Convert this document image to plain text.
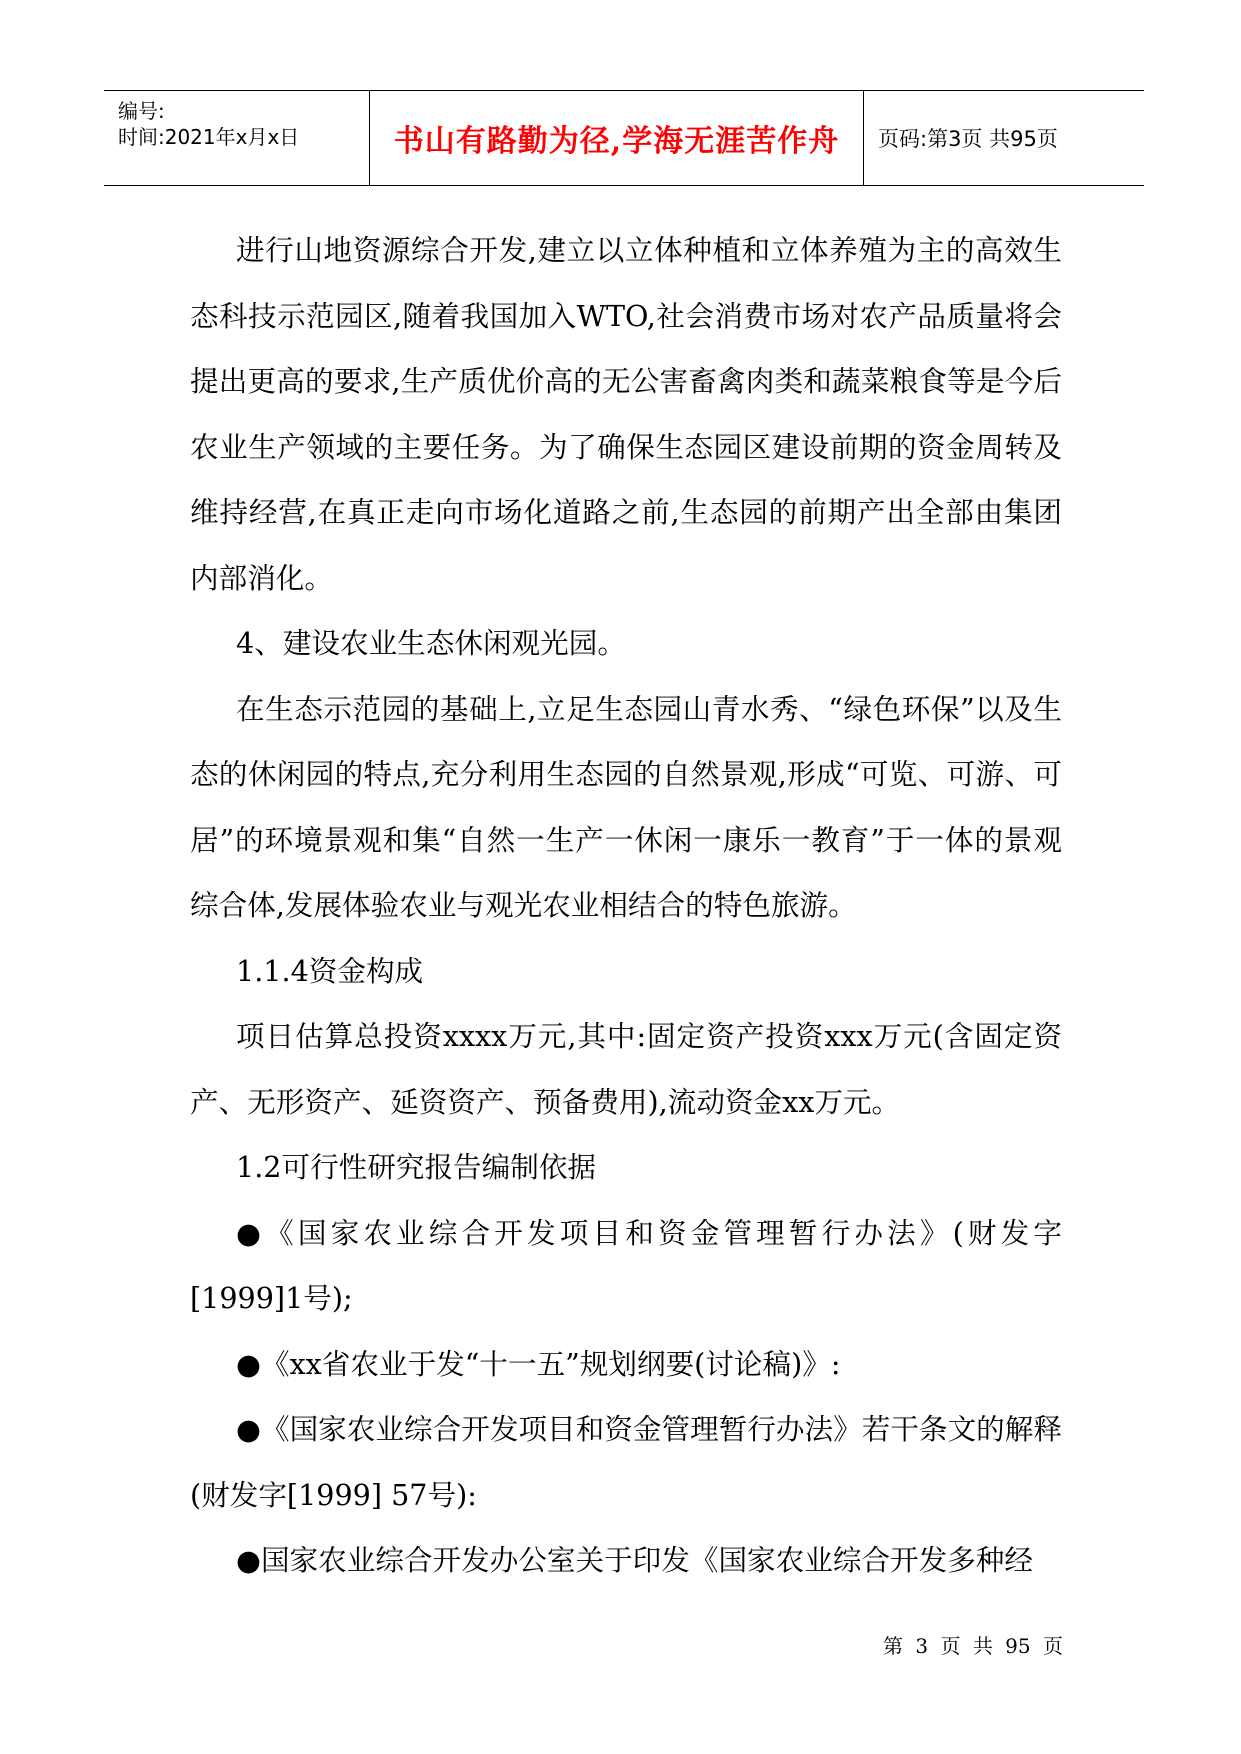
编号:
时间:2021年x月x日	书山有路勤为径,学海无涯苦作舟 页码:第3页 共95页

进行山地资源综合开发,建立以立体种植和立体养殖为主的高效生态科技示范园区,随着我国加入WTO,社会消费市场对农产品质量将会提出更高的要求,生产质优价高的无公害畜禽肉类和蔬菜粮食等是今后农业生产领域的主要任务。为了确保生态园区建设前期的资金周转及维持经营,在真正走向市场化道路之前,生态园的前期产出全部由集团内部消化。

4、建设农业生态休闲观光园。

在生态示范园的基础上,立足生态园山青水秀、“绿色环保”以及生态的休闲园的特点,充分利用生态园的自然景观,形成“可览、可游、可居”的环境景观和集“自然一生产一休闲一康乐一教育”于一体的景观综合体,发展体验农业与观光农业相结合的特色旅游。

1.1.4资金构成

项日估算总投资xxxx万元,其中:固定资产投资xxx万元(含固定资产、无形资产、延资资产、预备费用),流动资金xx万元。

1.2可行性研究报告编制依据

●《国家农业综合开发项目和资金管理暂行办法》(财发字[1999]1号);

●《xx省农业于发“十一五”规划纲要(讨论稿)》:

●《国家农业综合开发项目和资金管理暂行办法》若干条文的解释(财发字[1999] 57号):

●国家农业综合开发办公室关于印发《国家农业综合开发多种经

第 3 页 共 95 页
